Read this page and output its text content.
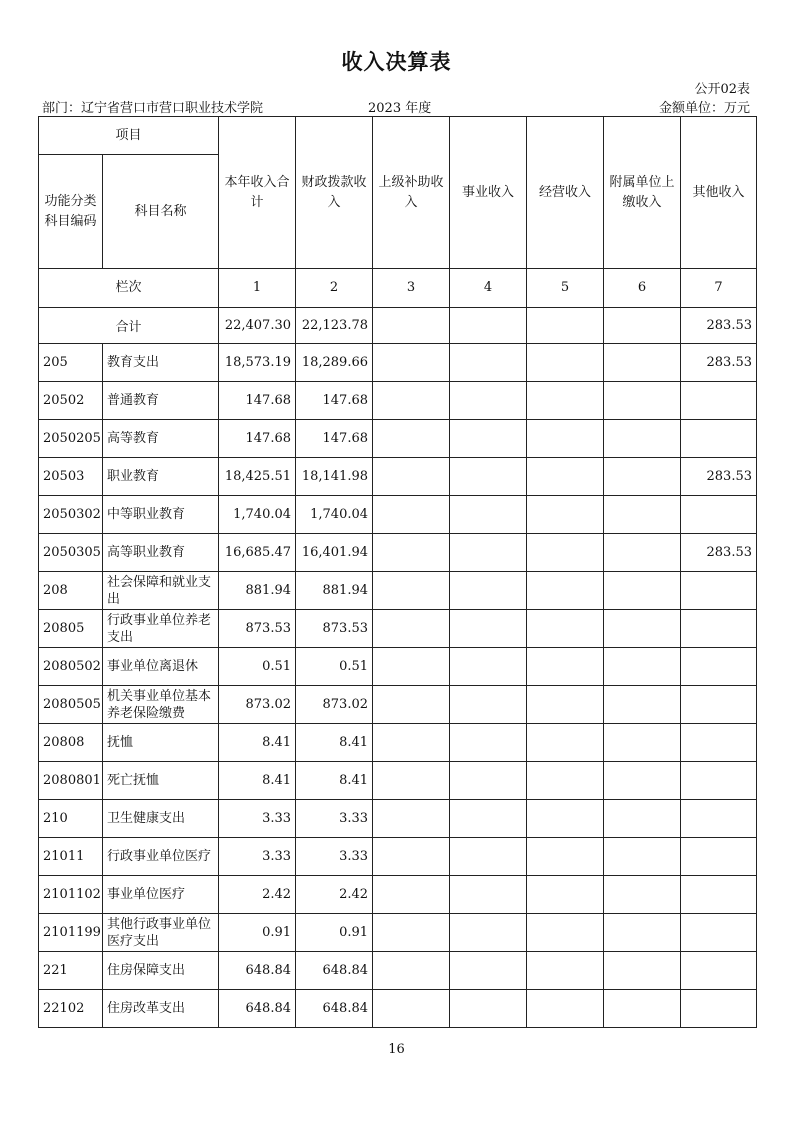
收入决算表
公开02表
部门：辽宁省营口市营口职业技术学院	2023 年度	金额单位：万元
项目		本年收入合计	财政拨款收入	上级补助收入	事业收入	经营收入	附属单位上缴收入	其他收入
功能分类科目编码	科目名称							
栏次		1	2	3	4	5	6	7
合计		22,407.30	22,123.78					283.53
205	教育支出	18,573.19	18,289.66					283.53
20502	普通教育	147.68	147.68					
2050205	高等教育	147.68	147.68					
20503	职业教育	18,425.51	18,141.98					283.53
2050302	中等职业教育	1,740.04	1,740.04					
2050305	高等职业教育	16,685.47	16,401.94					283.53
208	社会保障和就业支出	881.94	881.94					
20805	行政事业单位养老支出	873.53	873.53					
2080502	事业单位离退休	0.51	0.51					
2080505	机关事业单位基本养老保险缴费	873.02	873.02					
20808	抚恤	8.41	8.41					
2080801	死亡抚恤	8.41	8.41					
210	卫生健康支出	3.33	3.33					
21011	行政事业单位医疗	3.33	3.33					
2101102	事业单位医疗	2.42	2.42					
2101199	其他行政事业单位医疗支出	0.91	0.91					
221	住房保障支出	648.84	648.84					
22102	住房改革支出	648.84	648.84					
16
